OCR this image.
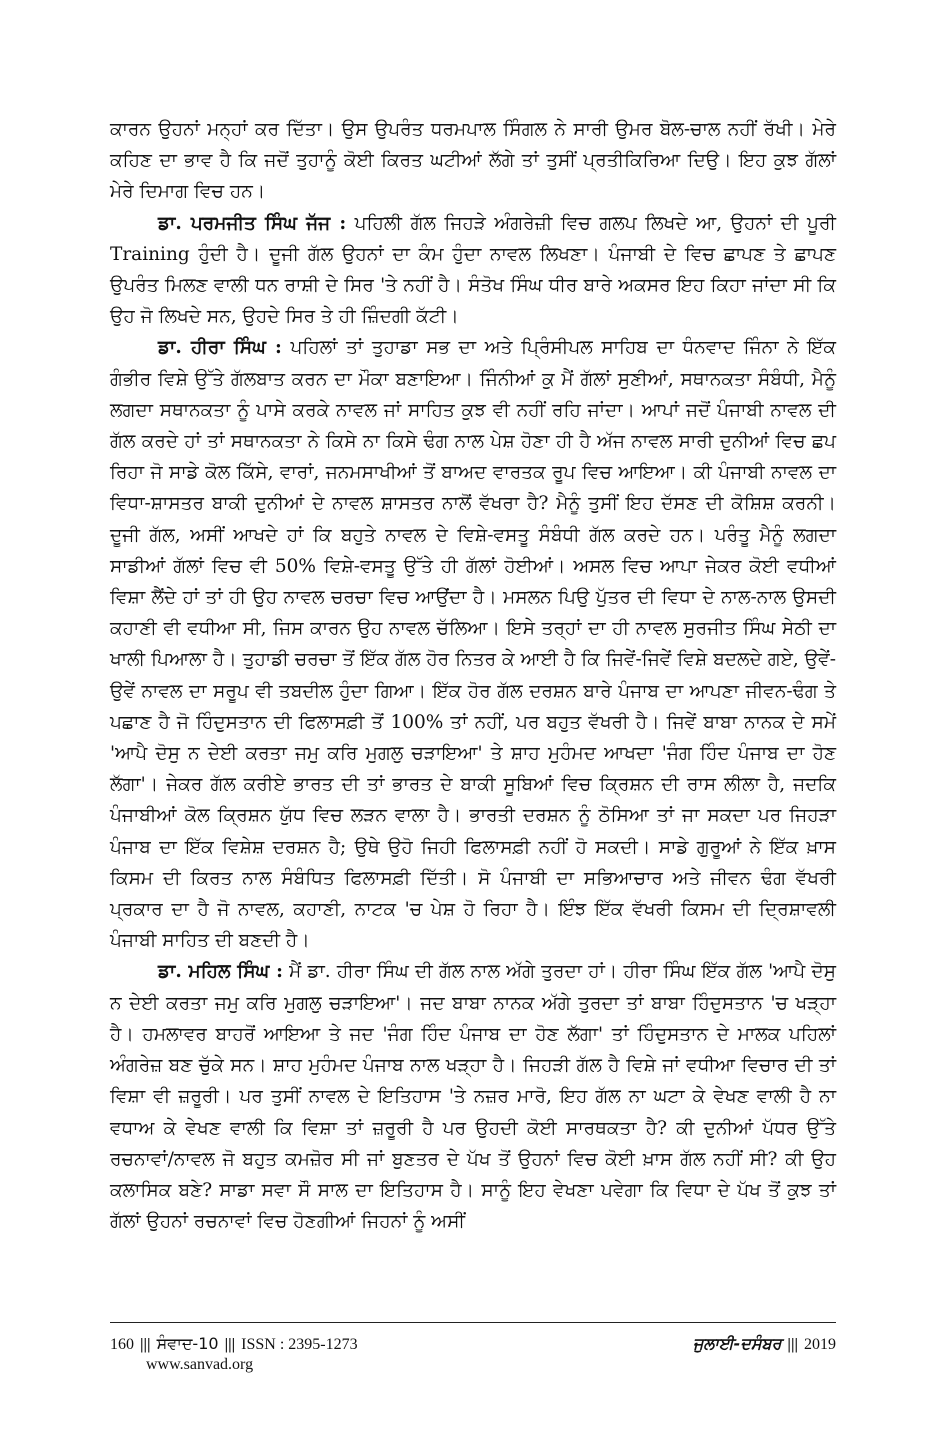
ਕਾਰਨ ਉਹਨਾਂ ਮਨ੍ਹਾਂ ਕਰ ਦਿੱਤਾ। ਉਸ ਉਪਰੰਤ ਧਰਮਪਾਲ ਸਿੰਗਲ ਨੇ ਸਾਰੀ ਉਮਰ ਬੋਲ-ਚਾਲ ਨਹੀਂ ਰੱਖੀ। ਮੇਰੇ ਕਹਿਣ ਦਾ ਭਾਵ ਹੈ ਕਿ ਜਦੋਂ ਤੁਹਾਨੂੰ ਕੋਈ ਕਿਰਤ ਘਟੀਆਂ ਲੱਗੇ ਤਾਂ ਤੁਸੀਂ ਪ੍ਰਤੀਕਿਰਿਆ ਦਿਉ। ਇਹ ਕੁਝ ਗੱਲਾਂ ਮੇਰੇ ਦਿਮਾਗ ਵਿਚ ਹਨ।

ਡਾ. ਪਰਮਜੀਤ ਸਿੰਘ ਜੱਜ : ਪਹਿਲੀ ਗੱਲ ਜਿਹੜੇ ਅੰਗਰੇਜ਼ੀ ਵਿਚ ਗਲਪ ਲਿਖਦੇ ਆ, ਉਹਨਾਂ ਦੀ ਪੂਰੀ Training ਹੁੰਦੀ ਹੈ। ਦੂਜੀ ਗੱਲ ਉਹਨਾਂ ਦਾ ਕੰਮ ਹੁੰਦਾ ਨਾਵਲ ਲਿਖਣਾ। ਪੰਜਾਬੀ ਦੇ ਵਿਚ ਛਾਪਣ ਤੇ ਛਾਪਣ ਉਪਰੰਤ ਮਿਲਣ ਵਾਲੀ ਧਨ ਰਾਸ਼ੀ ਦੇ ਸਿਰ 'ਤੇ ਨਹੀਂ ਹੈ। ਸੰਤੋਖ ਸਿੰਘ ਧੀਰ ਬਾਰੇ ਅਕਸਰ ਇਹ ਕਿਹਾ ਜਾਂਦਾ ਸੀ ਕਿ ਉਹ ਜੋ ਲਿਖਦੇ ਸਨ, ਉਹਦੇ ਸਿਰ ਤੇ ਹੀ ਜ਼ਿੰਦਗੀ ਕੱਟੀ।

ਡਾ. ਹੀਰਾ ਸਿੰਘ : ਪਹਿਲਾਂ ਤਾਂ ਤੁਹਾਡਾ ਸਭ ਦਾ ਅਤੇ ਪ੍ਰਿੰਸੀਪਲ ਸਾਹਿਬ ਦਾ ਧੰਨਵਾਦ ਜਿੰਨਾ ਨੇ ਇੱਕ ਗੰਭੀਰ ਵਿਸ਼ੇ ਉੱਤੇ ਗੱਲਬਾਤ ਕਰਨ ਦਾ ਮੌਕਾ ਬਣਾਇਆ। ਜਿੰਨੀਆਂ ਕੁ ਮੈਂ ਗੱਲਾਂ ਸੁਣੀਆਂ, ਸਥਾਨਕਤਾ ਸੰਬੰਧੀ, ਮੈਨੂੰ ਲਗਦਾ ਸਥਾਨਕਤਾ ਨੂੰ ਪਾਸੇ ਕਰਕੇ ਨਾਵਲ ਜਾਂ ਸਾਹਿਤ ਕੁਝ ਵੀ ਨਹੀਂ ਰਹਿ ਜਾਂਦਾ। ਆਪਾਂ ਜਦੋਂ ਪੰਜਾਬੀ ਨਾਵਲ ਦੀ ਗੱਲ ਕਰਦੇ ਹਾਂ ਤਾਂ ਸਥਾਨਕਤਾ ਨੇ ਕਿਸੇ ਨਾ ਕਿਸੇ ਢੰਗ ਨਾਲ ਪੇਸ਼ ਹੋਣਾ ਹੀ ਹੈ ਅੱਜ ਨਾਵਲ ਸਾਰੀ ਦੁਨੀਆਂ ਵਿਚ ਛਪ ਰਿਹਾ ਜੋ ਸਾਡੇ ਕੋਲ ਕਿੱਸੇ, ਵਾਰਾਂ, ਜਨਮਸਾਖੀਆਂ ਤੋਂ ਬਾਅਦ ਵਾਰਤਕ ਰੂਪ ਵਿਚ ਆਇਆ। ਕੀ ਪੰਜਾਬੀ ਨਾਵਲ ਦਾ ਵਿਧਾ-ਸ਼ਾਸਤਰ ਬਾਕੀ ਦੁਨੀਆਂ ਦੇ ਨਾਵਲ ਸ਼ਾਸਤਰ ਨਾਲੋਂ ਵੱਖਰਾ ਹੈ? ਮੈਨੂੰ ਤੁਸੀਂ ਇਹ ਦੱਸਣ ਦੀ ਕੋਸ਼ਿਸ਼ ਕਰਨੀ। ਦੂਜੀ ਗੱਲ, ਅਸੀਂ ਆਖਦੇ ਹਾਂ ਕਿ ਬਹੁਤੇ ਨਾਵਲ ਦੇ ਵਿਸ਼ੇ-ਵਸਤੂ ਸੰਬੰਧੀ ਗੱਲ ਕਰਦੇ ਹਨ। ਪਰੰਤੂ ਮੈਨੂੰ ਲਗਦਾ ਸਾਡੀਆਂ ਗੱਲਾਂ ਵਿਚ ਵੀ 50% ਵਿਸ਼ੇ-ਵਸਤੂ ਉੱਤੇ ਹੀ ਗੱਲਾਂ ਹੋਈਆਂ। ਅਸਲ ਵਿਚ ਆਪਾ ਜੇਕਰ ਕੋਈ ਵਧੀਆਂ ਵਿਸ਼ਾ ਲੈਂਦੇ ਹਾਂ ਤਾਂ ਹੀ ਉਹ ਨਾਵਲ ਚਰਚਾ ਵਿਚ ਆਉਂਦਾ ਹੈ। ਮਸਲਨ ਪਿਉ ਪੁੱਤਰ ਦੀ ਵਿਧਾ ਦੇ ਨਾਲ-ਨਾਲ ਉਸਦੀ ਕਹਾਣੀ ਵੀ ਵਧੀਆ ਸੀ, ਜਿਸ ਕਾਰਨ ਉਹ ਨਾਵਲ ਚੱਲਿਆ। ਇਸੇ ਤਰ੍ਹਾਂ ਦਾ ਹੀ ਨਾਵਲ ਸੁਰਜੀਤ ਸਿੰਘ ਸੇਠੀ ਦਾ ਖਾਲੀ ਪਿਆਲਾ ਹੈ। ਤੁਹਾਡੀ ਚਰਚਾ ਤੋਂ ਇੱਕ ਗੱਲ ਹੋਰ ਨਿਤਰ ਕੇ ਆਈ ਹੈ ਕਿ ਜਿਵੇਂ-ਜਿਵੇਂ ਵਿਸ਼ੇ ਬਦਲਦੇ ਗਏ, ਉਵੇਂ-ਉਵੇਂ ਨਾਵਲ ਦਾ ਸਰੂਪ ਵੀ ਤਬਦੀਲ ਹੁੰਦਾ ਗਿਆ। ਇੱਕ ਹੋਰ ਗੱਲ ਦਰਸ਼ਨ ਬਾਰੇ ਪੰਜਾਬ ਦਾ ਆਪਣਾ ਜੀਵਨ-ਢੰਗ ਤੇ ਪਛਾਣ ਹੈ ਜੋ ਹਿੰਦੁਸਤਾਨ ਦੀ ਫਿਲਾਸਫ਼ੀ ਤੋਂ 100% ਤਾਂ ਨਹੀਂ, ਪਰ ਬਹੁਤ ਵੱਖਰੀ ਹੈ। ਜਿਵੇਂ ਬਾਬਾ ਨਾਨਕ ਦੇ ਸਮੇਂ 'ਆਪੈ ਦੋਸੁ ਨ ਦੇਈ ਕਰਤਾ ਜਮੁ ਕਰਿ ਮੁਗਲੁ ਚੜਾਇਆ' ਤੇ ਸ਼ਾਹ ਮੁਹੰਮਦ ਆਖਦਾ 'ਜੰਗ ਹਿੰਦ ਪੰਜਾਬ ਦਾ ਹੋਣ ਲੱਗਾ'। ਜੇਕਰ ਗੱਲ ਕਰੀਏ ਭਾਰਤ ਦੀ ਤਾਂ ਭਾਰਤ ਦੇ ਬਾਕੀ ਸੂਬਿਆਂ ਵਿਚ ਕ੍ਰਿਸ਼ਨ ਦੀ ਰਾਸ ਲੀਲਾ ਹੈ, ਜਦਕਿ ਪੰਜਾਬੀਆਂ ਕੋਲ ਕ੍ਰਿਸ਼ਨ ਯੁੱਧ ਵਿਚ ਲੜਨ ਵਾਲਾ ਹੈ। ਭਾਰਤੀ ਦਰਸ਼ਨ ਨੂੰ ਠੋਸਿਆ ਤਾਂ ਜਾ ਸਕਦਾ ਪਰ ਜਿਹੜਾ ਪੰਜਾਬ ਦਾ ਇੱਕ ਵਿਸ਼ੇਸ਼ ਦਰਸ਼ਨ ਹੈ; ਉਥੇ ਉਹੋ ਜਿਹੀ ਫਿਲਾਸਫ਼ੀ ਨਹੀਂ ਹੋ ਸਕਦੀ। ਸਾਡੇ ਗੁਰੂਆਂ ਨੇ ਇੱਕ ਖ਼ਾਸ ਕਿਸਮ ਦੀ ਕਿਰਤ ਨਾਲ ਸੰਬੰਧਿਤ ਫਿਲਾਸਫ਼ੀ ਦਿੱਤੀ। ਸੋ ਪੰਜਾਬੀ ਦਾ ਸਭਿਆਚਾਰ ਅਤੇ ਜੀਵਨ ਢੰਗ ਵੱਖਰੀ ਪ੍ਰਕਾਰ ਦਾ ਹੈ ਜੋ ਨਾਵਲ, ਕਹਾਣੀ, ਨਾਟਕ 'ਚ ਪੇਸ਼ ਹੋ ਰਿਹਾ ਹੈ। ਇੰਝ ਇੱਕ ਵੱਖਰੀ ਕਿਸਮ ਦੀ ਦ੍ਰਿਸ਼ਾਵਲੀ ਪੰਜਾਬੀ ਸਾਹਿਤ ਦੀ ਬਣਦੀ ਹੈ।

ਡਾ. ਮਹਿਲ ਸਿੰਘ : ਮੈਂ ਡਾ. ਹੀਰਾ ਸਿੰਘ ਦੀ ਗੱਲ ਨਾਲ ਅੱਗੇ ਤੁਰਦਾ ਹਾਂ। ਹੀਰਾ ਸਿੰਘ ਇੱਕ ਗੱਲ 'ਆਪੈ ਦੋਸੁ ਨ ਦੇਈ ਕਰਤਾ ਜਮੁ ਕਰਿ ਮੁਗਲੁ ਚੜਾਇਆ'। ਜਦ ਬਾਬਾ ਨਾਨਕ ਅੱਗੇ ਤੁਰਦਾ ਤਾਂ ਬਾਬਾ ਹਿੰਦੁਸਤਾਨ 'ਚ ਖੜ੍ਹਾ ਹੈ। ਹਮਲਾਵਰ ਬਾਹਰੋਂ ਆਇਆ ਤੇ ਜਦ 'ਜੰਗ ਹਿੰਦ ਪੰਜਾਬ ਦਾ ਹੋਣ ਲੱਗਾ' ਤਾਂ ਹਿੰਦੁਸਤਾਨ ਦੇ ਮਾਲਕ ਪਹਿਲਾਂ ਅੰਗਰੇਜ਼ ਬਣ ਚੁੱਕੇ ਸਨ। ਸ਼ਾਹ ਮੁਹੰਮਦ ਪੰਜਾਬ ਨਾਲ ਖੜ੍ਹਾ ਹੈ। ਜਿਹੜੀ ਗੱਲ ਹੈ ਵਿਸ਼ੇ ਜਾਂ ਵਧੀਆ ਵਿਚਾਰ ਦੀ ਤਾਂ ਵਿਸ਼ਾ ਵੀ ਜ਼ਰੂਰੀ। ਪਰ ਤੁਸੀਂ ਨਾਵਲ ਦੇ ਇਤਿਹਾਸ 'ਤੇ ਨਜ਼ਰ ਮਾਰੋ, ਇਹ ਗੱਲ ਨਾ ਘਟਾ ਕੇ ਵੇਖਣ ਵਾਲੀ ਹੈ ਨਾ ਵਧਾਅ ਕੇ ਵੇਖਣ ਵਾਲੀ ਕਿ ਵਿਸ਼ਾ ਤਾਂ ਜ਼ਰੂਰੀ ਹੈ ਪਰ ਉਹਦੀ ਕੋਈ ਸਾਰਥਕਤਾ ਹੈ? ਕੀ ਦੁਨੀਆਂ ਪੱਧਰ ਉੱਤੇ ਰਚਨਾਵਾਂ/ਨਾਵਲ ਜੋ ਬਹੁਤ ਕਮਜ਼ੋਰ ਸੀ ਜਾਂ ਬੁਣਤਰ ਦੇ ਪੱਖ ਤੋਂ ਉਹਨਾਂ ਵਿਚ ਕੋਈ ਖ਼ਾਸ ਗੱਲ ਨਹੀਂ ਸੀ? ਕੀ ਉਹ ਕਲਾਸਿਕ ਬਣੇ? ਸਾਡਾ ਸਵਾ ਸੌ ਸਾਲ ਦਾ ਇਤਿਹਾਸ ਹੈ। ਸਾਨੂੰ ਇਹ ਵੇਖਣਾ ਪਵੇਗਾ ਕਿ ਵਿਧਾ ਦੇ ਪੱਖ ਤੋਂ ਕੁਝ ਤਾਂ ਗੱਲਾਂ ਉਹਨਾਂ ਰਚਨਾਵਾਂ ਵਿਚ ਹੋਣਗੀਆਂ ਜਿਹਨਾਂ ਨੂੰ ਅਸੀਂ

160 ||| ਸੰਵਾਦ-10 ||| ISSN : 2395-1273	ਜੁਲਾਈ-ਦਸੰਬਰ ||| 2019
www.sanvad.org
